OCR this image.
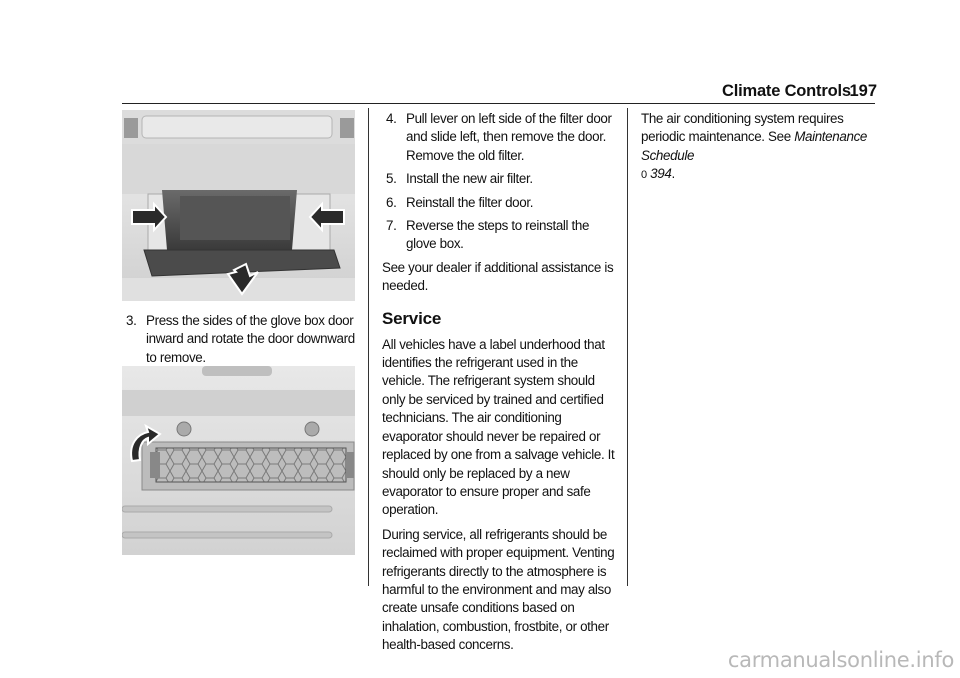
Climate Controls
197
3. Press the sides of the glove box door inward and rotate the door downward to remove.
4. Pull lever on left side of the filter door and slide left, then remove the door. Remove the old filter.
5. Install the new air filter.
6. Reinstall the filter door.
7. Reverse the steps to reinstall the glove box.

See your dealer if additional assistance is needed.

Service

All vehicles have a label underhood that identifies the refrigerant used in the vehicle. The refrigerant system should only be serviced by trained and certified technicians. The air conditioning evaporator should never be repaired or replaced by one from a salvage vehicle. It should only be replaced by a new evaporator to ensure proper and safe operation.

During service, all refrigerants should be reclaimed with proper equipment. Venting refrigerants directly to the atmosphere is harmful to the environment and may also create unsafe conditions based on inhalation, combustion, frostbite, or other health-based concerns.

The air conditioning system requires periodic maintenance. See Maintenance Schedule
0 394.

carmanualsonline.info
